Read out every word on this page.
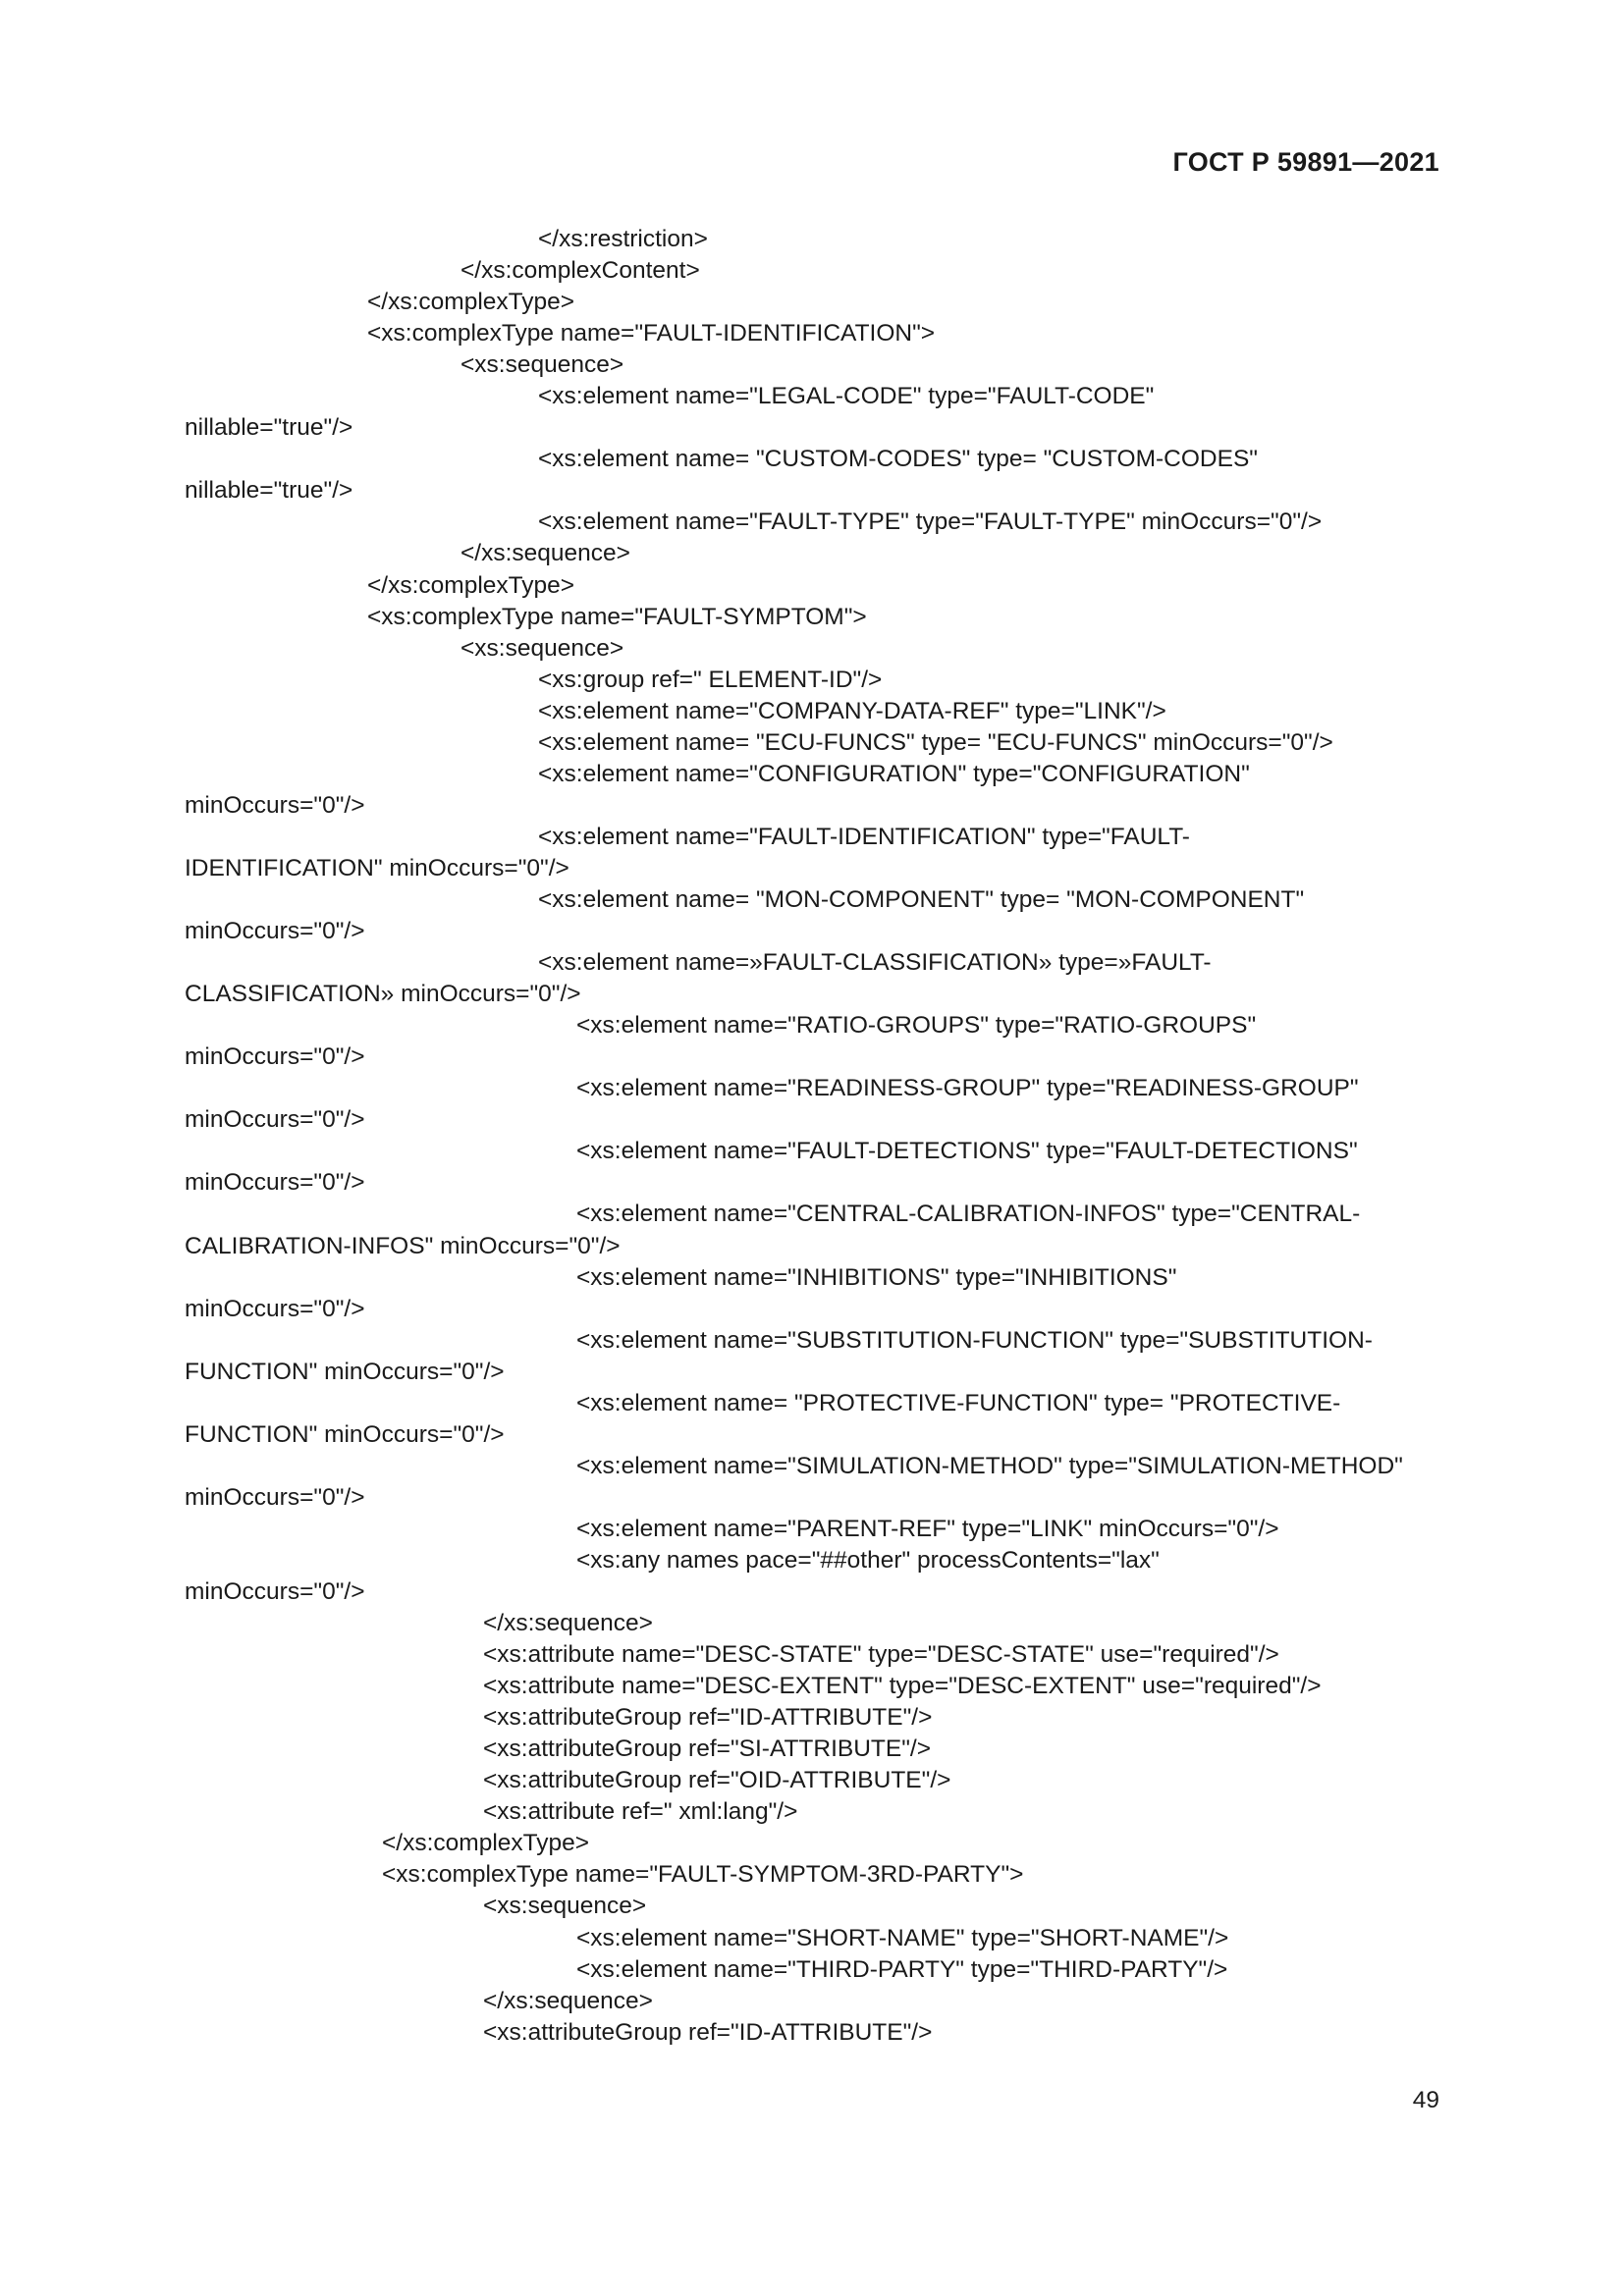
ГОСТ Р 59891—2021
</xs:restriction>
</xs:complexContent>
</xs:complexType>
<xs:complexType name="FAULT-IDENTIFICATION">
<xs:sequence>
<xs:element name="LEGAL-CODE" type="FAULT-CODE"
nillable="true"/>
<xs:element name= "CUSTOM-CODES" type= "CUSTOM-CODES"
nillable="true"/>
<xs:element name="FAULT-TYPE" type="FAULT-TYPE" minOccurs="0"/>
</xs:sequence>
</xs:complexType>
<xs:complexType name="FAULT-SYMPTOM">
<xs:sequence>
<xs:group ref=" ELEMENT-ID"/>
<xs:element name="COMPANY-DATA-REF" type="LINK"/>
<xs:element name= "ECU-FUNCS" type= "ECU-FUNCS" minOccurs="0"/>
<xs:element name="CONFIGURATION" type="CONFIGURATION"
minOccurs="0"/>
<xs:element name="FAULT-IDENTIFICATION" type="FAULT-
IDENTIFICATION" minOccurs="0"/>
<xs:element name= "MON-COMPONENT" type= "MON-COMPONENT"
minOccurs="0"/>
<xs:element name=»FAULT-CLASSIFICATION» type=»FAULT-
CLASSIFICATION» minOccurs="0"/>
<xs:element name="RATIO-GROUPS" type="RATIO-GROUPS"
minOccurs="0"/>
<xs:element name="READINESS-GROUP" type="READINESS-GROUP"
minOccurs="0"/>
<xs:element name="FAULT-DETECTIONS" type="FAULT-DETECTIONS"
minOccurs="0"/>
<xs:element name="CENTRAL-CALIBRATION-INFOS" type="CENTRAL-
CALIBRATION-INFOS" minOccurs="0"/>
<xs:element name="INHIBITIONS" type="INHIBITIONS"
minOccurs="0"/>
<xs:element name="SUBSTITUTION-FUNCTION" type="SUBSTITUTION-
FUNCTION" minOccurs="0"/>
<xs:element name= "PROTECTIVE-FUNCTION" type= "PROTECTIVE-
FUNCTION" minOccurs="0"/>
<xs:element name="SIMULATION-METHOD" type="SIMULATION-METHOD"
minOccurs="0"/>
<xs:element name="PARENT-REF" type="LINK" minOccurs="0"/>
<xs:any names pace="##other" processContents="lax"
minOccurs="0"/>
</xs:sequence>
<xs:attribute name="DESC-STATE" type="DESC-STATE" use="required"/>
<xs:attribute name="DESC-EXTENT" type="DESC-EXTENT" use="required"/>
<xs:attributeGroup ref="ID-ATTRIBUTE"/>
<xs:attributeGroup ref="SI-ATTRIBUTE"/>
<xs:attributeGroup ref="OID-ATTRIBUTE"/>
<xs:attribute ref=" xml:lang"/>
</xs:complexType>
<xs:complexType name="FAULT-SYMPTOM-3RD-PARTY">
<xs:sequence>
<xs:element name="SHORT-NAME" type="SHORT-NAME"/>
<xs:element name="THIRD-PARTY" type="THIRD-PARTY"/>
</xs:sequence>
<xs:attributeGroup ref="ID-ATTRIBUTE"/>
49
